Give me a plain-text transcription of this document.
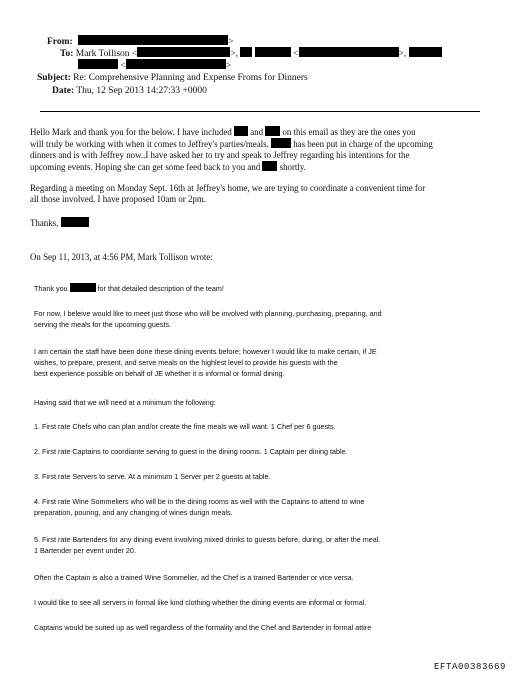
From:	>
To: Mark Tollison <	>,	<	>,
<	>
Subject: Re: Comprehensive Planning and Expense Froms for Dinners
Date: Thu, 12 Sep 2013 14:27:33 +0000
Hello Mark and thank you for the below. I have included and on this email as they are the ones you
will truly be working with when it comes to Jeffrey's parties/meals.	has been put in charge of the upcoming
dinners and is with Jeffrey now..I have asked her to try and speak to Jeffrey regarding his intentions for the
upcoming events. Hoping she can get some feed back to you and shortly.
Regarding a meeting on Monday Sept. 16th at Jeffrey's home, we are trying to coordinate a convenient time for
all those involved. I have proposed 10am or 2pm.
Thanks,
On Sep 11, 2013, at 4:56 PM, Mark Tollison wrote:
Thank you	for that detailed description of the team!
For now, I beleive would like to meet just those who will be involved with planning, purchasing, preparing, and
serving the meals for the upcoming guests.
I am certain the staff have been done these dining events before; however I would like to make certain, if JE
wishes, to prepare, present, and serve meals on the highlest level to provide his guests with the
best experience possible on behalf of JE whether it is informal or formal dining.
Having said that we will need at a minimum the following:
1. First rate Chefs who can plan and/or create the fine meals we will want. 1 Chef per 6 guests.
2. First rate Captains to coordiante serving to guest in the dining rooms. 1 Captain per dining table.
3. First rate Servers to serve. At a minimum 1 Server per 2 guests at table.
4. First rate Wine Sommeliers who will be in the dining rooms as well with the Captains to attend to wine
preparation, pouring, and any changing of wines durign meals.
5. First rate Bartenders for any dining event involving mixed drinks to guests before, during, or after the meal.
1 Bartender per event under 20.
Often the Captain is also a trained Wine Sommelier, ad the Chef is a trained Bartender or vice versa.
I would like to see all servers in formal like kind clothing whether the dining events are informal or formal.
Captains would be suited up as well regardless of the formality and the Chef and Bartender in formal attire
EFTA00383669
